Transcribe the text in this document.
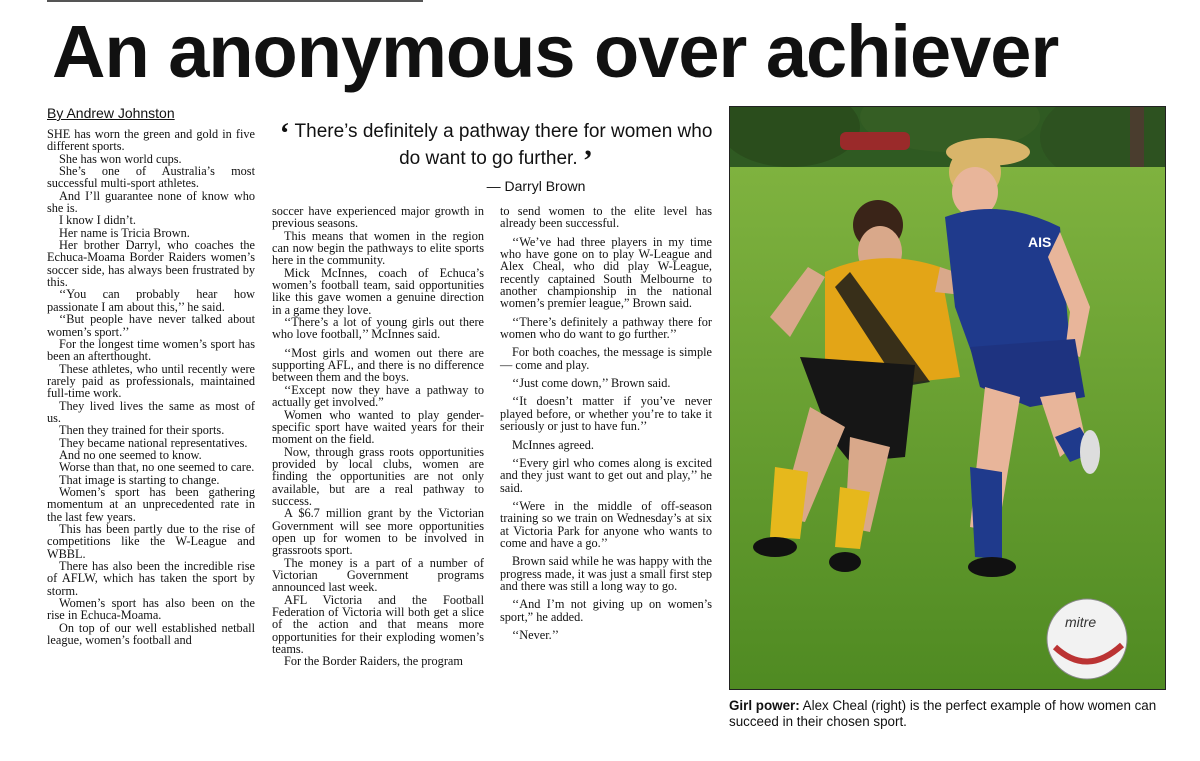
An anonymous over achiever
By Andrew Johnston
‘ There’s definitely a pathway there for women who do want to go further. ’
— Darryl Brown

SHE has worn the green and gold in five different sports.

She has won world cups.

She’s one of Australia’s most successful multi-sport athletes.

And I’ll guarantee none of know who she is.

I know I didn’t.

Her name is Tricia Brown.

Her brother Darryl, who coaches the Echuca-Moama Border Raiders women’s soccer side, has always been frustrated by this.

‘‘You can probably hear how passionate I am about this,’’ he said.

‘‘But people have never talked about women’s sport.’’

For the longest time women’s sport has been an afterthought.

These athletes, who until recently were rarely paid as professionals, maintained full-time work.

They lived lives the same as most of us.

Then they trained for their sports.

They became national representatives.

And no one seemed to know.

Worse than that, no one seemed to care.

That image is starting to change.

Women’s sport has been gathering momentum at an unprecedented rate in the last few years.

This has been partly due to the rise of competitions like the W-League and WBBL.

There has also been the incredible rise of AFLW, which has taken the sport by storm.

Women’s sport has also been on the rise in Echuca-Moama.

On top of our well established netball league, women’s football and

soccer have experienced major growth in previous seasons.

This means that women in the region can now begin the pathways to elite sports here in the community.

Mick McInnes, coach of Echuca’s women’s football team, said opportunities like this gave women a genuine direction in a game they love.

‘‘There’s a lot of young girls out there who love football,’’ McInnes said.

‘‘Most girls and women out there are supporting AFL, and there is no difference between them and the boys.

‘‘Except now they have a pathway to actually get involved.”

Women who wanted to play gender-specific sport have waited years for their moment on the field.

Now, through grass roots opportunities provided by local clubs, women are finding the opportunities are not only available, but are a real pathway to success.

A $6.7 million grant by the Victorian Government will see more opportunities open up for women to be involved in grassroots sport.

The money is a part of a number of Victorian Government programs announced last week.

AFL Victoria and the Football Federation of Victoria will both get a slice of the action and that means more opportunities for their exploding women’s teams.

For the Border Raiders, the program

to send women to the elite level has already been successful.

‘‘We’ve had three players in my time who have gone on to play W-League and Alex Cheal, who did play W-League, recently captained South Melbourne to another championship in the national women’s premier league,” Brown said.

‘‘There’s definitely a pathway there for women who do want to go further.’’

For both coaches, the message is simple — come and play.

‘‘Just come down,’’ Brown said.

‘‘It doesn’t matter if you’ve never played before, or whether you’re to take it seriously or just to have fun.’’

McInnes agreed.

‘‘Every girl who comes along is excited and they just want to get out and play,’’ he said.

‘‘Were in the middle of off-season training so we train on Wednesday’s at six at Victoria Park for anyone who wants to come and have a go.’’

Brown said while he was happy with the progress made, it was just a small first step and there was still a long way to go.

‘‘And I’m not giving up on women’s sport,” he added.

‘‘Never.’’

AIS
mitre
Girl power: Alex Cheal (right) is the perfect example of how women can succeed in their chosen sport.
